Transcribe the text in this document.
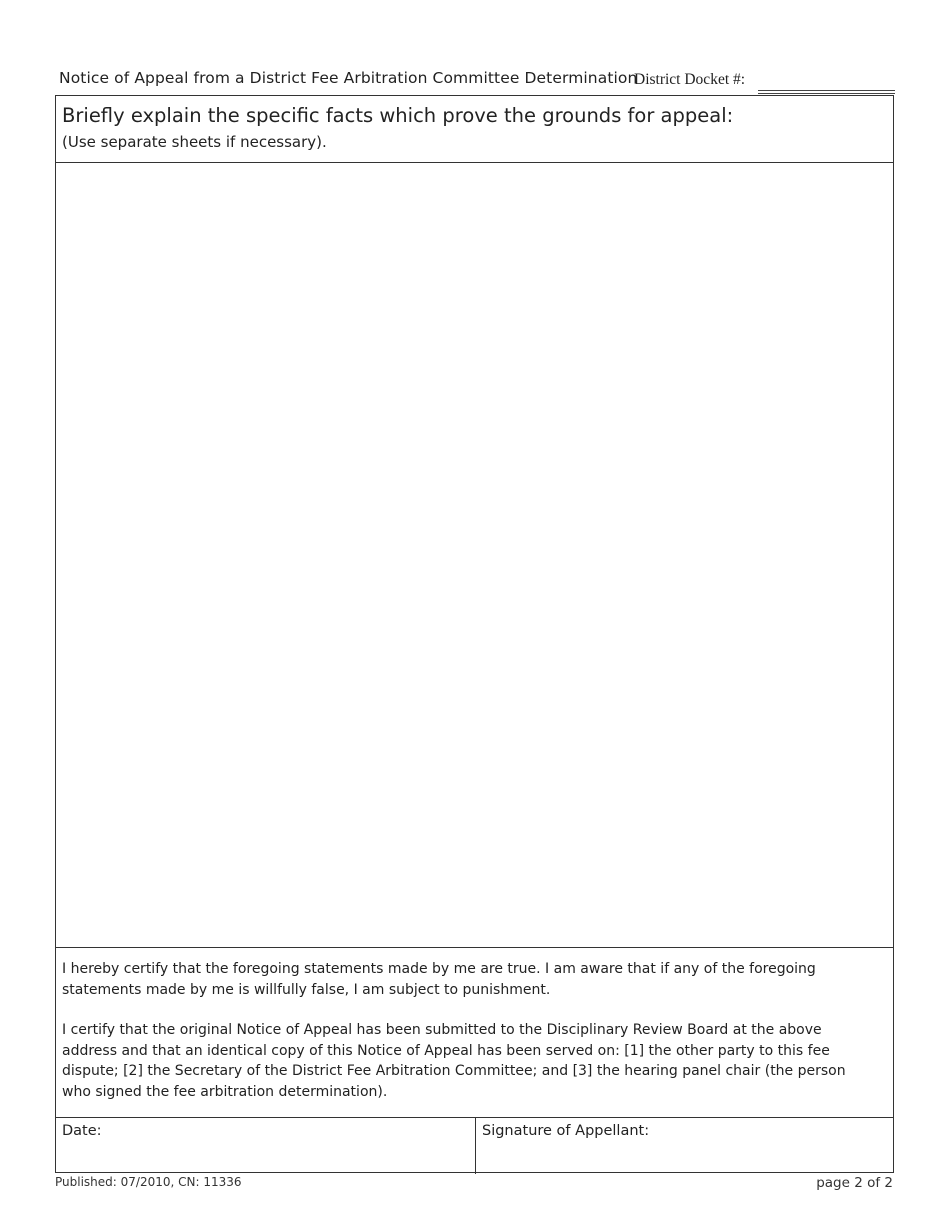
Notice of Appeal from a District Fee Arbitration Committee Determination
District Docket #:
Briefly explain the specific facts which prove the grounds for appeal:
(Use separate sheets if necessary).

I hereby certify that the foregoing statements made by me are true. I am aware that if any of the foregoing statements made by me is willfully false, I am subject to punishment.

I certify that the original Notice of Appeal has been submitted to the Disciplinary Review Board at the above address and that an identical copy of this Notice of Appeal has been served on: [1] the other party to this fee dispute; [2] the Secretary of the District Fee Arbitration Committee; and [3] the hearing panel chair (the person who signed the fee arbitration determination).

Date:	Signature of Appellant:
Published: 07/2010, CN: 11336	page 2 of 2
